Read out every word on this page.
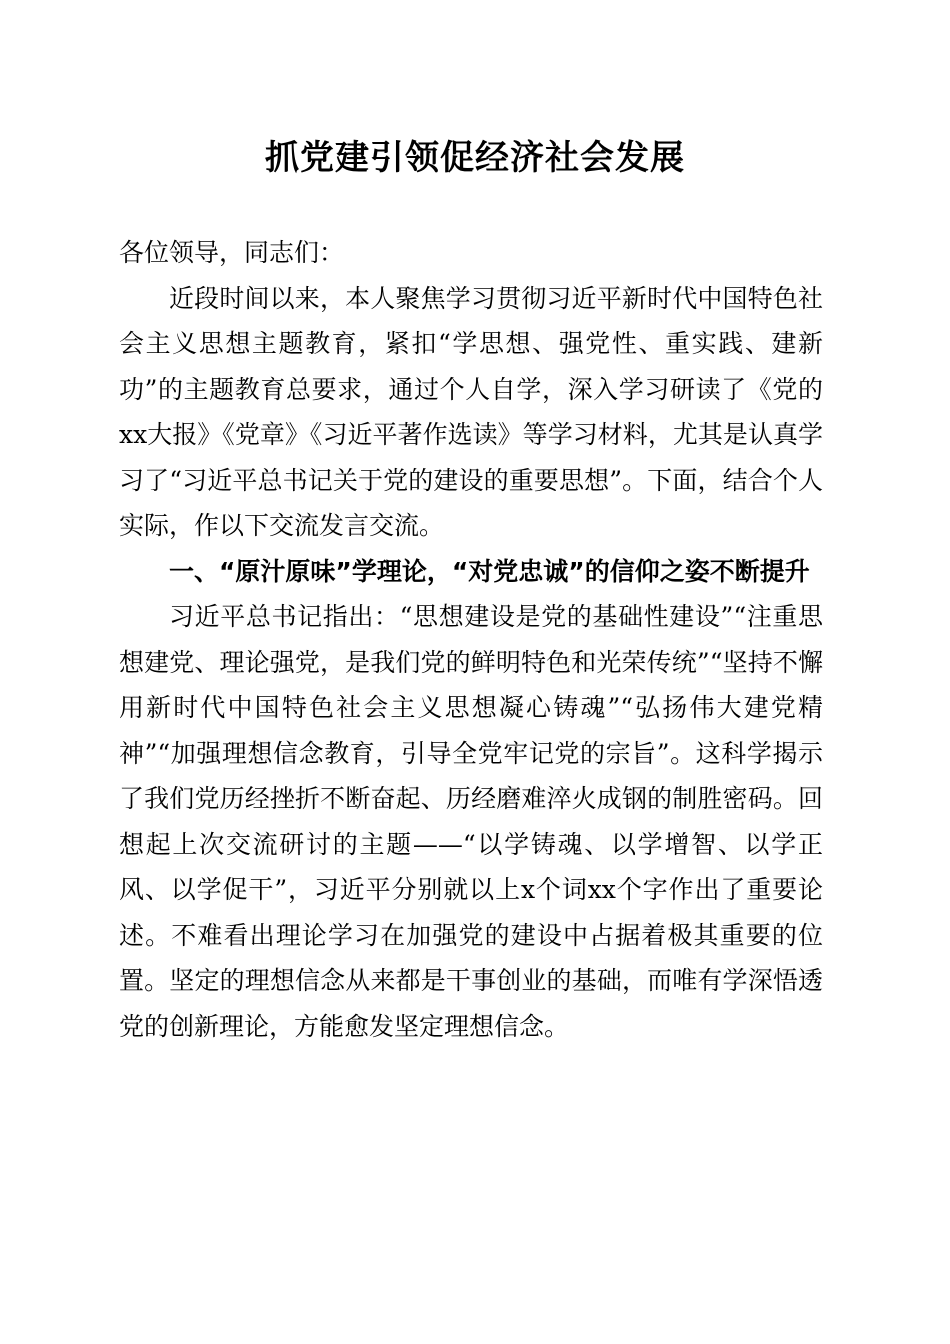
抓党建引领促经济社会发展

各位领导，同志们：

近段时间以来，本人聚焦学习贯彻习近平新时代中国特色社会主义思想主题教育，紧扣“学思想、强党性、重实践、建新功”的主题教育总要求，通过个人自学，深入学习研读了《党的xx大报》《党章》《习近平著作选读》等学习材料，尤其是认真学习了“习近平总书记关于党的建设的重要思想”。下面，结合个人实际，作以下交流发言交流。

一、“原汁原味”学理论，“对党忠诚”的信仰之姿不断提升

习近平总书记指出：“思想建设是党的基础性建设”“注重思想建党、理论强党，是我们党的鲜明特色和光荣传统”“坚持不懈用新时代中国特色社会主义思想凝心铸魂”“弘扬伟大建党精神”“加强理想信念教育，引导全党牢记党的宗旨”。这科学揭示了我们党历经挫折不断奋起、历经磨难淬火成钢的制胜密码。回想起上次交流研讨的主题——“以学铸魂、以学增智、以学正风、以学促干”，习近平分别就以上x个词xx个字作出了重要论述。不难看出理论学习在加强党的建设中占据着极其重要的位置。坚定的理想信念从来都是干事创业的基础，而唯有学深悟透党的创新理论，方能愈发坚定理想信念。
